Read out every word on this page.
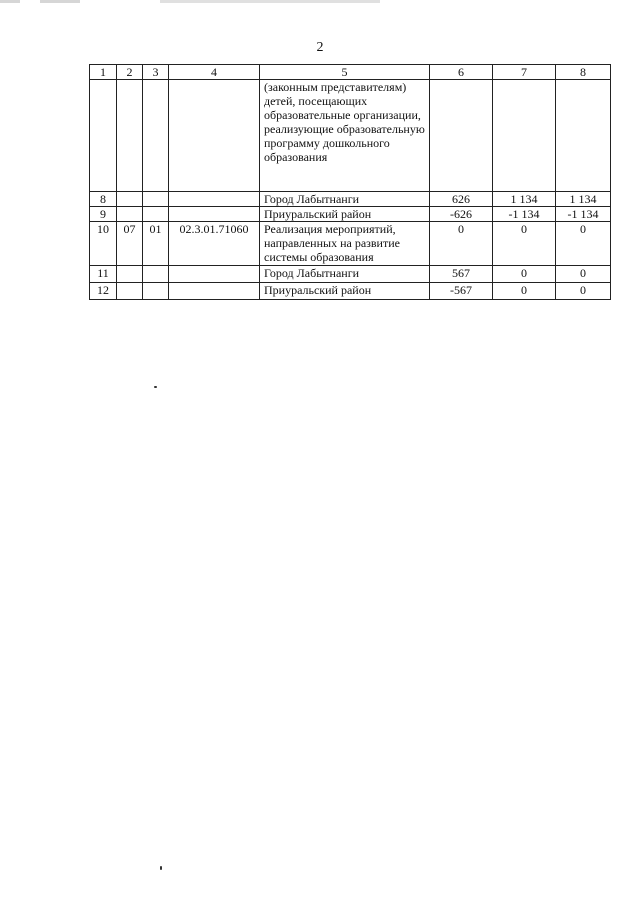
2
1	2	3	4	5	6	7	8
				(законным представителям) детей, посещающих образовательные организации, реализующие образовательную программу дошкольного образования			
8				Город Лабытнанги	626	1 134	1 134
9				Приуральский район	-626	-1 134	-1 134
10	07	01	02.3.01.71060	Реализация мероприятий, направленных на развитие системы образования	0	0	0
11				Город Лабытнанги	567	0	0
12				Приуральский район	-567	0	0
